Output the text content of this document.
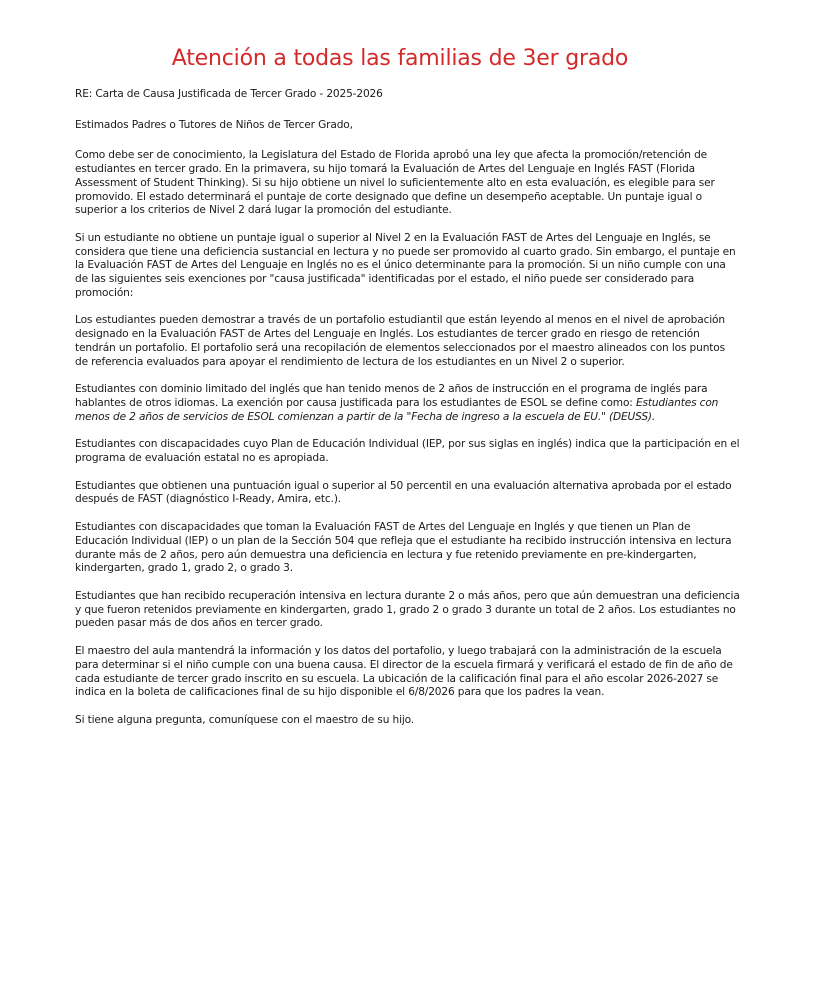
Atención a todas las familias de 3er grado

RE: Carta de Causa Justificada de Tercer Grado - 2025-2026

Estimados Padres o Tutores de Niños de Tercer Grado,

Como debe ser de conocimiento, la Legislatura del Estado de Florida aprobó una ley que afecta la promoción/retención de estudiantes en tercer grado. En la primavera, su hijo tomará la Evaluación de Artes del Lenguaje en Inglés FAST (Florida Assessment of Student Thinking). Si su hijo obtiene un nivel lo suficientemente alto en esta evaluación, es elegible para ser promovido. El estado determinará el puntaje de corte designado que define un desempeño aceptable. Un puntaje igual o superior a los criterios de Nivel 2 dará lugar la promoción del estudiante.

Si un estudiante no obtiene un puntaje igual o superior al Nivel 2 en la Evaluación FAST de Artes del Lenguaje en Inglés, se considera que tiene una deficiencia sustancial en lectura y no puede ser promovido al cuarto grado. Sin embargo, el puntaje en la Evaluación FAST de Artes del Lenguaje en Inglés no es el único determinante para la promoción. Si un niño cumple con una de las siguientes seis exenciones por "causa justificada" identificadas por el estado, el niño puede ser considerado para promoción:

Los estudiantes pueden demostrar a través de un portafolio estudiantil que están leyendo al menos en el nivel de aprobación designado en la Evaluación FAST de Artes del Lenguaje en Inglés. Los estudiantes de tercer grado en riesgo de retención tendrán un portafolio. El portafolio será una recopilación de elementos seleccionados por el maestro alineados con los puntos de referencia evaluados para apoyar el rendimiento de lectura de los estudiantes en un Nivel 2 o superior.

Estudiantes con dominio limitado del inglés que han tenido menos de 2 años de instrucción en el programa de inglés para hablantes de otros idiomas. La exención por causa justificada para los estudiantes de ESOL se define como: Estudiantes con menos de 2 años de servicios de ESOL comienzan a partir de la "Fecha de ingreso a la escuela de EU." (DEUSS).

Estudiantes con discapacidades cuyo Plan de Educación Individual (IEP, por sus siglas en inglés) indica que la participación en el programa de evaluación estatal no es apropiada.

Estudiantes que obtienen una puntuación igual o superior al 50 percentil en una evaluación alternativa aprobada por el estado después de FAST (diagnóstico I-Ready, Amira, etc.).

Estudiantes con discapacidades que toman la Evaluación FAST de Artes del Lenguaje en Inglés y que tienen un Plan de Educación Individual (IEP) o un plan de la Sección 504 que refleja que el estudiante ha recibido instrucción intensiva en lectura durante más de 2 años, pero aún demuestra una deficiencia en lectura y fue retenido previamente en pre-kindergarten, kindergarten, grado 1, grado 2, o grado 3.

Estudiantes que han recibido recuperación intensiva en lectura durante 2 o más años, pero que aún demuestran una deficiencia y que fueron retenidos previamente en kindergarten, grado 1, grado 2 o grado 3 durante un total de 2 años. Los estudiantes no pueden pasar más de dos años en tercer grado.

El maestro del aula mantendrá la información y los datos del portafolio, y luego trabajará con la administración de la escuela para determinar si el niño cumple con una buena causa. El director de la escuela firmará y verificará el estado de fin de año de cada estudiante de tercer grado inscrito en su escuela. La ubicación de la calificación final para el año escolar 2026-2027 se indica en la boleta de calificaciones final de su hijo disponible el 6/8/2026 para que los padres la vean.

Si tiene alguna pregunta, comuníquese con el maestro de su hijo.
